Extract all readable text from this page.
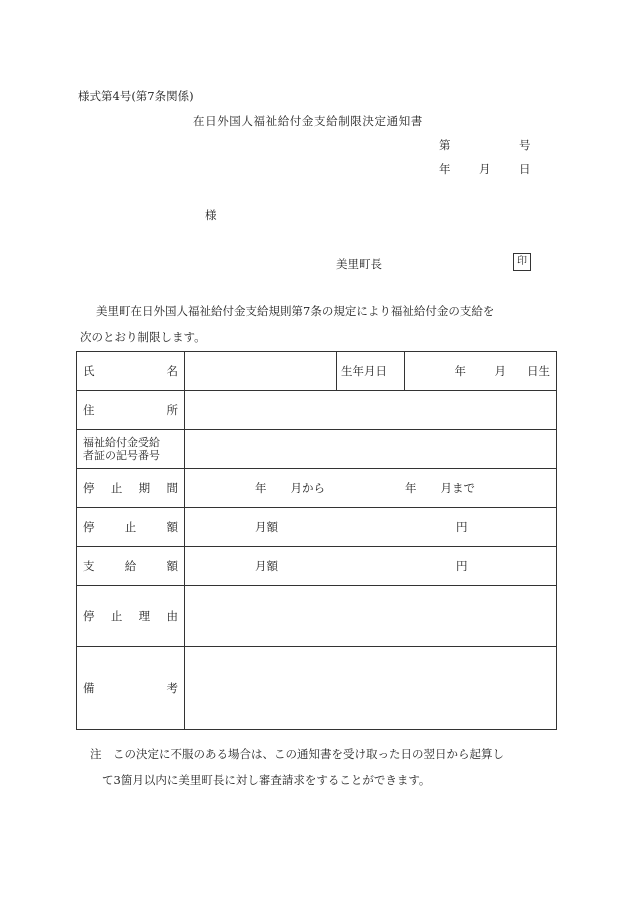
様式第4号(第7条関係)
在日外国人福祉給付金支給制限決定通知書
第	号
年 月 日
様
美里町長	印
美里町在日外国人福祉給付金支給規則第7条の規定により福祉給付金の支給を
次のとおり制限します。
氏 名		生年月日	年 月 日生

住 所			

福祉給付金受給
者証の記号番号			

停 止 期 間	年 月から 年 月まで		

停 止 額	月額 円		

支 給 額	月額 円		

停 止 理 由			

備 考			

注　この決定に不服のある場合は、この通知書を受け取った日の翌日から起算し
て3箇月以内に美里町長に対し審査請求をすることができます。
